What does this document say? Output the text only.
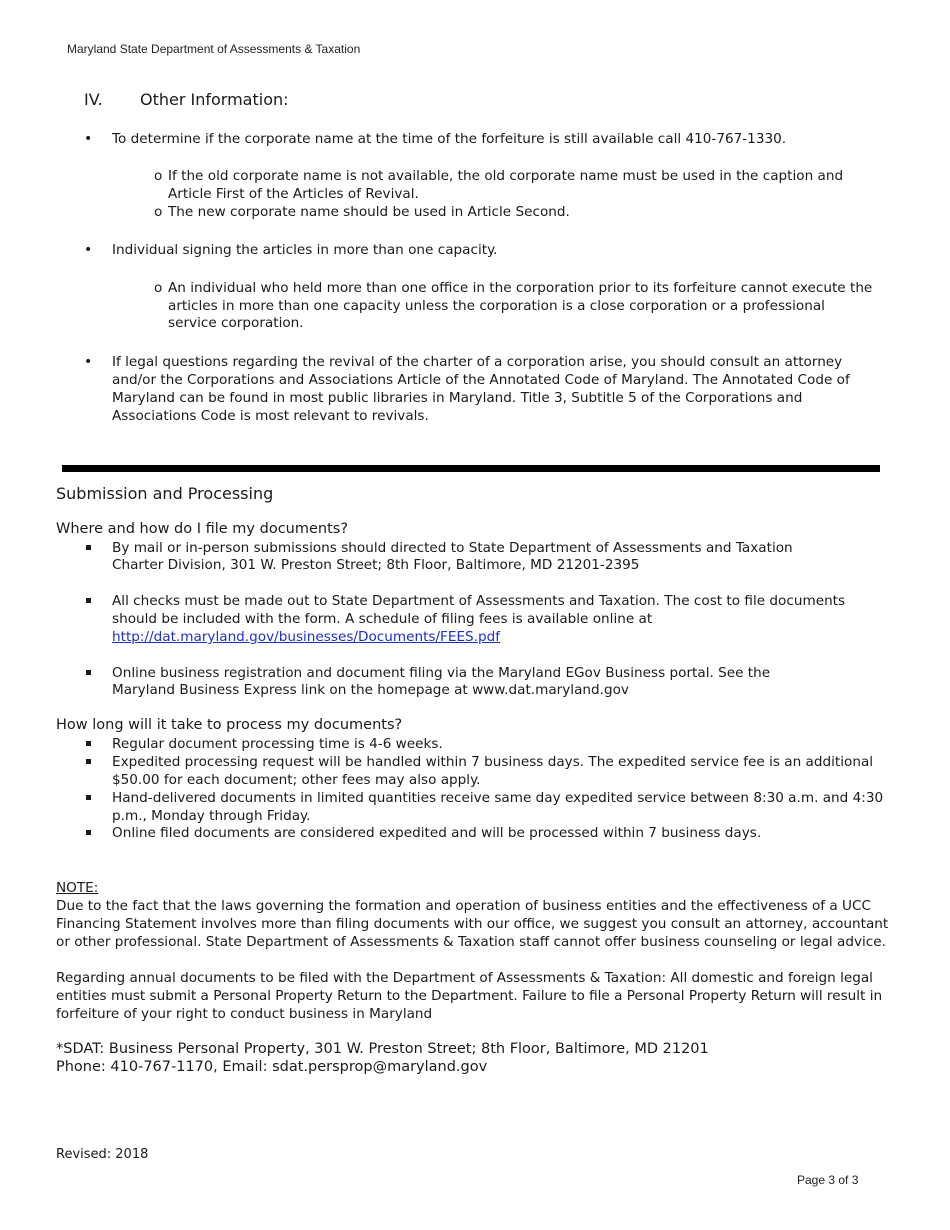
Maryland State Department of Assessments & Taxation
IV. Other Information:
• To determine if the corporate name at the time of the forfeiture is still available call 410-767-1330.
o If the old corporate name is not available, the old corporate name must be used in the caption and
Article First of the Articles of Revival.
o The new corporate name should be used in Article Second.
• Individual signing the articles in more than one capacity.
o An individual who held more than one office in the corporation prior to its forfeiture cannot execute the
articles in more than one capacity unless the corporation is a close corporation or a professional
service corporation.
• If legal questions regarding the revival of the charter of a corporation arise, you should consult an attorney
and/or the Corporations and Associations Article of the Annotated Code of Maryland. The Annotated Code of
Maryland can be found in most public libraries in Maryland. Title 3, Subtitle 5 of the Corporations and
Associations Code is most relevant to revivals.
Submission and Processing
Where and how do I file my documents?
By mail or in-person submissions should directed to State Department of Assessments and Taxation
Charter Division, 301 W. Preston Street; 8th Floor, Baltimore, MD 21201-2395
All checks must be made out to State Department of Assessments and Taxation. The cost to file documents
should be included with the form. A schedule of filing fees is available online at
http://dat.maryland.gov/businesses/Documents/FEES.pdf
Online business registration and document filing via the Maryland EGov Business portal. See the
Maryland Business Express link on the homepage at www.dat.maryland.gov
How long will it take to process my documents?
Regular document processing time is 4-6 weeks.
Expedited processing request will be handled within 7 business days. The expedited service fee is an additional
$50.00 for each document; other fees may also apply.
Hand-delivered documents in limited quantities receive same day expedited service between 8:30 a.m. and 4:30
p.m., Monday through Friday.
Online filed documents are considered expedited and will be processed within 7 business days.
NOTE:
Due to the fact that the laws governing the formation and operation of business entities and the effectiveness of a UCC
Financing Statement involves more than filing documents with our office, we suggest you consult an attorney, accountant
or other professional. State Department of Assessments & Taxation staff cannot offer business counseling or legal advice.
Regarding annual documents to be filed with the Department of Assessments & Taxation: All domestic and foreign legal
entities must submit a Personal Property Return to the Department. Failure to file a Personal Property Return will result in
forfeiture of your right to conduct business in Maryland
*SDAT: Business Personal Property, 301 W. Preston Street; 8th Floor, Baltimore, MD 21201
Phone: 410-767-1170, Email: sdat.persprop@maryland.gov
Revised: 2018
Page 3 of 3
